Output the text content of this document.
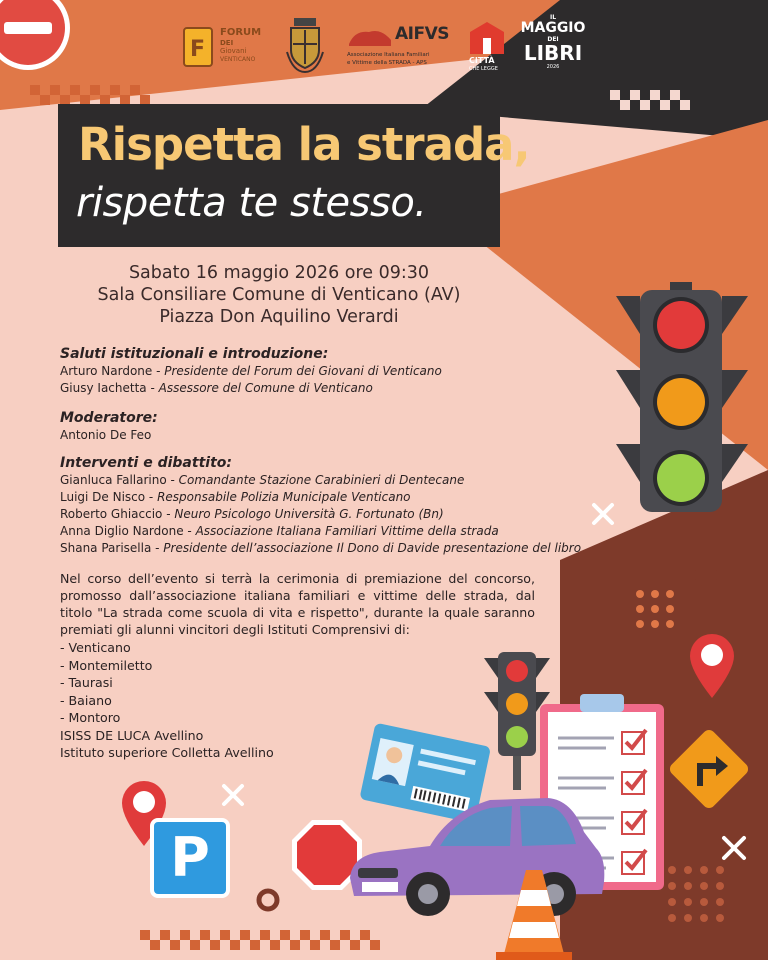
F
FORUM
DEI
Giovani
VENTICANO
AIFVS
Associazione Italiana Familiari
e Vittime della STRADA - APS	CITTÀ
CHE LEGGE
IL
MAGGIO
DEI
LIBRI
2026
Rispetta la strada,
rispetta te stesso.
Sabato 16 maggio 2026 ore 09:30
Sala Consiliare Comune di Venticano (AV)
Piazza Don Aquilino Verardi
Saluti istituzionali e introduzione:
Arturo Nardone - Presidente del Forum dei Giovani di Venticano
Giusy Iachetta - Assessore del Comune di Venticano
Moderatore:
Antonio De Feo
Interventi e dibattito:
Gianluca Fallarino - Comandante Stazione Carabinieri di Dentecane
Luigi De Nisco - Responsabile Polizia Municipale Venticano
Roberto Ghiaccio - Neuro Psicologo Università G. Fortunato (Bn)
Anna Diglio Nardone - Associazione Italiana Familiari Vittime della strada
Shana Parisella - Presidente dell’associazione Il Dono di Davide presentazione del libro
Nel corso dell’evento si terrà la cerimonia di premiazione del concorso, promosso dall’associazione italiana familiari e vittime delle strada, dal titolo "La strada come scuola di vita e rispetto", durante la quale saranno premiati gli alunni vincitori degli Istituti Comprensivi di:
- Venticano
- Montemiletto
- Taurasi
- Baiano
- Montoro
ISISS DE LUCA Avellino
Istituto superiore Colletta Avellino
P
